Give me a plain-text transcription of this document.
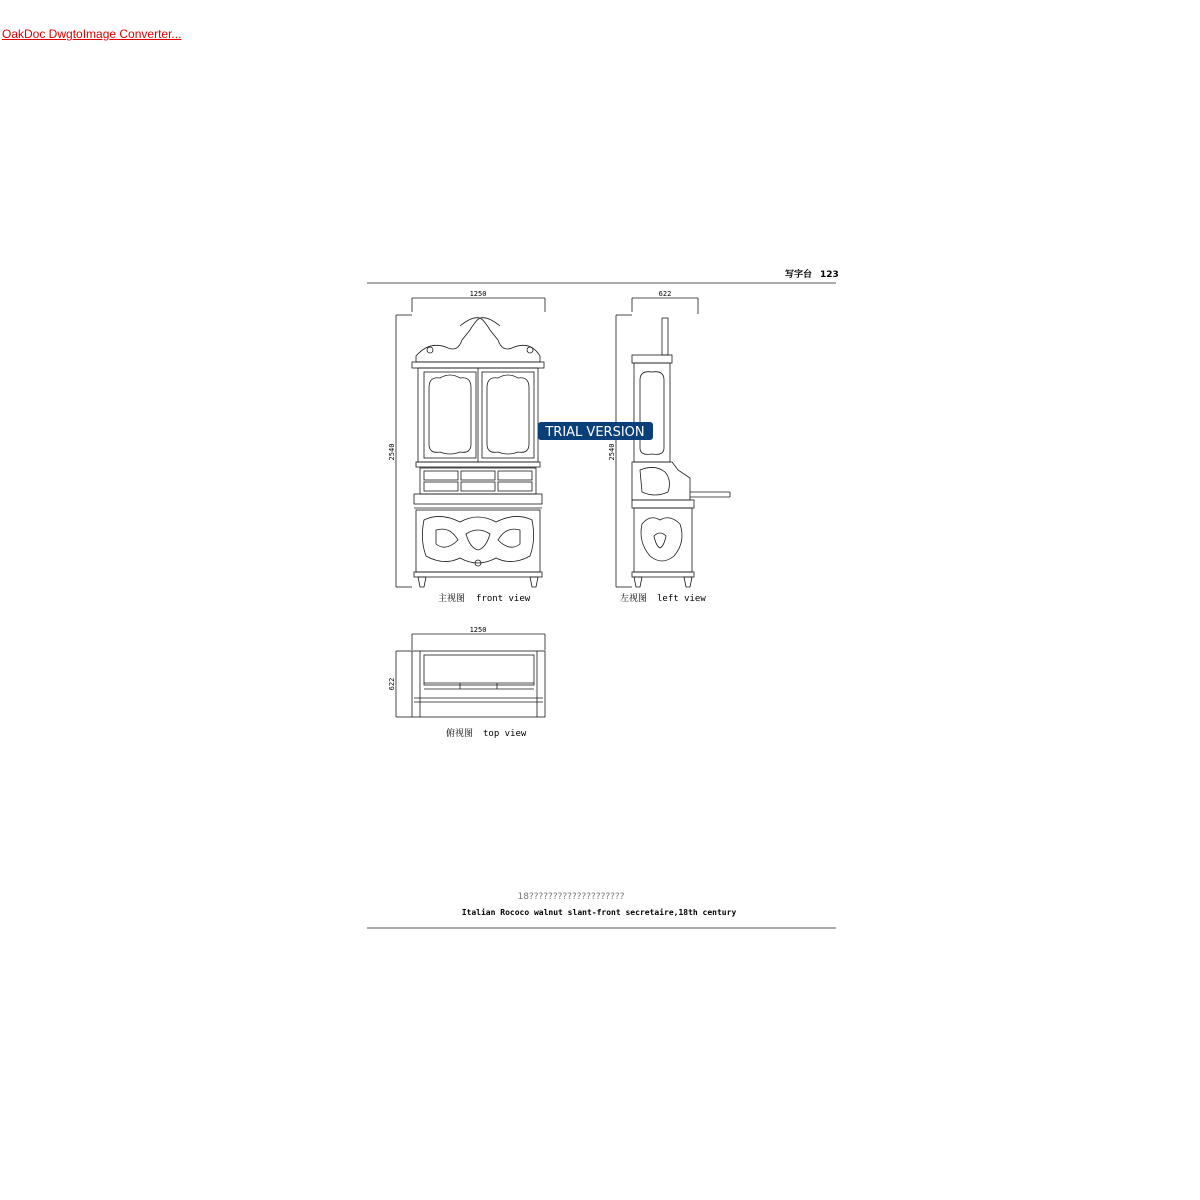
OakDoc DwgtoImage Converter...
写字台 123
1250
2540
主视图 front view
622
2540
左视图 left view
1250
622
俯视图 top view
TRIAL VERSION
18????????????????????
Italian Rococo walnut slant-front secretaire,18th century
